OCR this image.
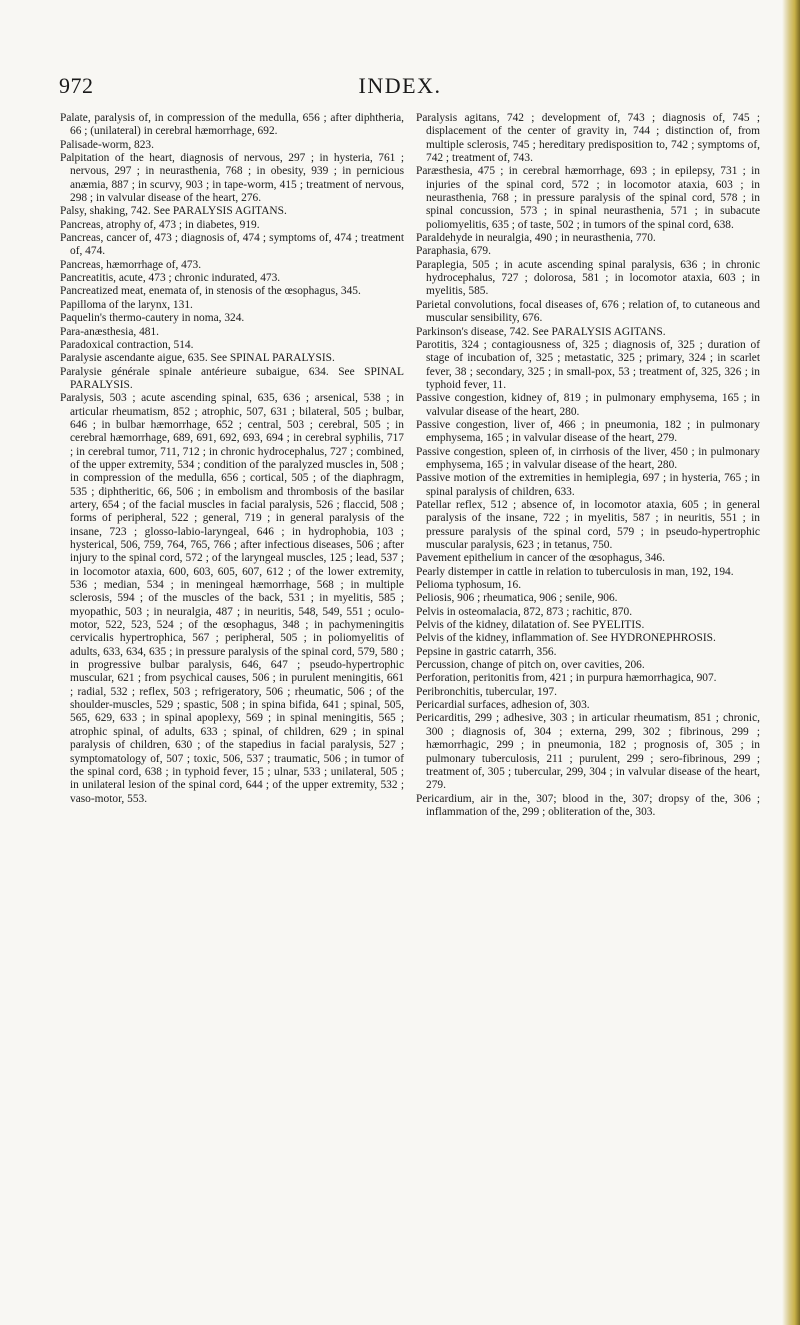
972	INDEX.

Palate, paralysis of, in compression of the medulla, 656 ; after diphtheria, 66 ; (unilateral) in cerebral hæmorrhage, 692.

Palisade-worm, 823.

Palpitation of the heart, diagnosis of nervous, 297 ; in hysteria, 761 ; nervous, 297 ; in neurasthenia, 768 ; in obesity, 939 ; in pernicious anæmia, 887 ; in scurvy, 903 ; in tape-worm, 415 ; treatment of nervous, 298 ; in valvular disease of the heart, 276.

Palsy, shaking, 742. See PARALYSIS AGITANS.

Pancreas, atrophy of, 473 ; in diabetes, 919.

Pancreas, cancer of, 473 ; diagnosis of, 474 ; symptoms of, 474 ; treatment of, 474.

Pancreas, hæmorrhage of, 473.

Pancreatitis, acute, 473 ; chronic indurated, 473.

Pancreatized meat, enemata of, in stenosis of the œsophagus, 345.

Papilloma of the larynx, 131.

Paquelin's thermo-cautery in noma, 324.

Para-anæsthesia, 481.

Paradoxical contraction, 514.

Paralysie ascendante aigue, 635. See SPINAL PARALYSIS.

Paralysie générale spinale antérieure subaigue, 634. See SPINAL PARALYSIS.

Paralysis, 503 ; acute ascending spinal, 635, 636 ; arsenical, 538 ; in articular rheumatism, 852 ; atrophic, 507, 631 ; bilateral, 505 ; bulbar, 646 ; in bulbar hæmorrhage, 652 ; central, 503 ; cerebral, 505 ; in cerebral hæmorrhage, 689, 691, 692, 693, 694 ; in cerebral syphilis, 717 ; in cerebral tumor, 711, 712 ; in chronic hydrocephalus, 727 ; combined, of the upper extremity, 534 ; condition of the paralyzed muscles in, 508 ; in compression of the medulla, 656 ; cortical, 505 ; of the diaphragm, 535 ; diphtheritic, 66, 506 ; in embolism and thrombosis of the basilar artery, 654 ; of the facial muscles in facial paralysis, 526 ; flaccid, 508 ; forms of peripheral, 522 ; general, 719 ; in general paralysis of the insane, 723 ; glosso-labio-laryngeal, 646 ; in hydrophobia, 103 ; hysterical, 506, 759, 764, 765, 766 ; after infectious diseases, 506 ; after injury to the spinal cord, 572 ; of the laryngeal muscles, 125 ; lead, 537 ; in locomotor ataxia, 600, 603, 605, 607, 612 ; of the lower extremity, 536 ; median, 534 ; in meningeal hæmorrhage, 568 ; in multiple sclerosis, 594 ; of the muscles of the back, 531 ; in myelitis, 585 ; myopathic, 503 ; in neuralgia, 487 ; in neuritis, 548, 549, 551 ; oculo-motor, 522, 523, 524 ; of the œsophagus, 348 ; in pachymeningitis cervicalis hypertrophica, 567 ; peripheral, 505 ; in poliomyelitis of adults, 633, 634, 635 ; in pressure paralysis of the spinal cord, 579, 580 ; in progressive bulbar paralysis, 646, 647 ; pseudo-hypertrophic muscular, 621 ; from psychical causes, 506 ; in purulent meningitis, 661 ; radial, 532 ; reflex, 503 ; refrigeratory, 506 ; rheumatic, 506 ; of the shoulder-muscles, 529 ; spastic, 508 ; in spina bifida, 641 ; spinal, 505, 565, 629, 633 ; in spinal apoplexy, 569 ; in spinal meningitis, 565 ; atrophic spinal, of adults, 633 ; spinal, of children, 629 ; in spinal paralysis of children, 630 ; of the stapedius in facial paralysis, 527 ; symptomatology of, 507 ; toxic, 506, 537 ; traumatic, 506 ; in tumor of the spinal cord, 638 ; in typhoid fever, 15 ; ulnar, 533 ; unilateral, 505 ; in unilateral lesion of the spinal cord, 644 ; of the upper extremity, 532 ; vaso-motor, 553.

Paralysis agitans, 742 ; development of, 743 ; diagnosis of, 745 ; displacement of the center of gravity in, 744 ; distinction of, from multiple sclerosis, 745 ; hereditary predisposition to, 742 ; symptoms of, 742 ; treatment of, 743.

Paræsthesia, 475 ; in cerebral hæmorrhage, 693 ; in epilepsy, 731 ; in injuries of the spinal cord, 572 ; in locomotor ataxia, 603 ; in neurasthenia, 768 ; in pressure paralysis of the spinal cord, 578 ; in spinal concussion, 573 ; in spinal neurasthenia, 571 ; in subacute poliomyelitis, 635 ; of taste, 502 ; in tumors of the spinal cord, 638.

Paraldehyde in neuralgia, 490 ; in neurasthenia, 770.

Paraphasia, 679.

Paraplegia, 505 ; in acute ascending spinal paralysis, 636 ; in chronic hydrocephalus, 727 ; dolorosa, 581 ; in locomotor ataxia, 603 ; in myelitis, 585.

Parietal convolutions, focal diseases of, 676 ; relation of, to cutaneous and muscular sensibility, 676.

Parkinson's disease, 742. See PARALYSIS AGITANS.

Parotitis, 324 ; contagiousness of, 325 ; diagnosis of, 325 ; duration of stage of incubation of, 325 ; metastatic, 325 ; primary, 324 ; in scarlet fever, 38 ; secondary, 325 ; in small-pox, 53 ; treatment of, 325, 326 ; in typhoid fever, 11.

Passive congestion, kidney of, 819 ; in pulmonary emphysema, 165 ; in valvular disease of the heart, 280.

Passive congestion, liver of, 466 ; in pneumonia, 182 ; in pulmonary emphysema, 165 ; in valvular disease of the heart, 279.

Passive congestion, spleen of, in cirrhosis of the liver, 450 ; in pulmonary emphysema, 165 ; in valvular disease of the heart, 280.

Passive motion of the extremities in hemiplegia, 697 ; in hysteria, 765 ; in spinal paralysis of children, 633.

Patellar reflex, 512 ; absence of, in locomotor ataxia, 605 ; in general paralysis of the insane, 722 ; in myelitis, 587 ; in neuritis, 551 ; in pressure paralysis of the spinal cord, 579 ; in pseudo-hypertrophic muscular paralysis, 623 ; in tetanus, 750.

Pavement epithelium in cancer of the œsophagus, 346.

Pearly distemper in cattle in relation to tuberculosis in man, 192, 194.

Pelioma typhosum, 16.

Peliosis, 906 ; rheumatica, 906 ; senile, 906.

Pelvis in osteomalacia, 872, 873 ; rachitic, 870.

Pelvis of the kidney, dilatation of. See PYELITIS.

Pelvis of the kidney, inflammation of. See HYDRONEPHROSIS.

Pepsine in gastric catarrh, 356.

Percussion, change of pitch on, over cavities, 206.

Perforation, peritonitis from, 421 ; in purpura hæmorrhagica, 907.

Peribronchitis, tubercular, 197.

Pericardial surfaces, adhesion of, 303.

Pericarditis, 299 ; adhesive, 303 ; in articular rheumatism, 851 ; chronic, 300 ; diagnosis of, 304 ; externa, 299, 302 ; fibrinous, 299 ; hæmorrhagic, 299 ; in pneumonia, 182 ; prognosis of, 305 ; in pulmonary tuberculosis, 211 ; purulent, 299 ; sero-fibrinous, 299 ; treatment of, 305 ; tubercular, 299, 304 ; in valvular disease of the heart, 279.

Pericardium, air in the, 307; blood in the, 307; dropsy of the, 306 ; inflammation of the, 299 ; obliteration of the, 303.
